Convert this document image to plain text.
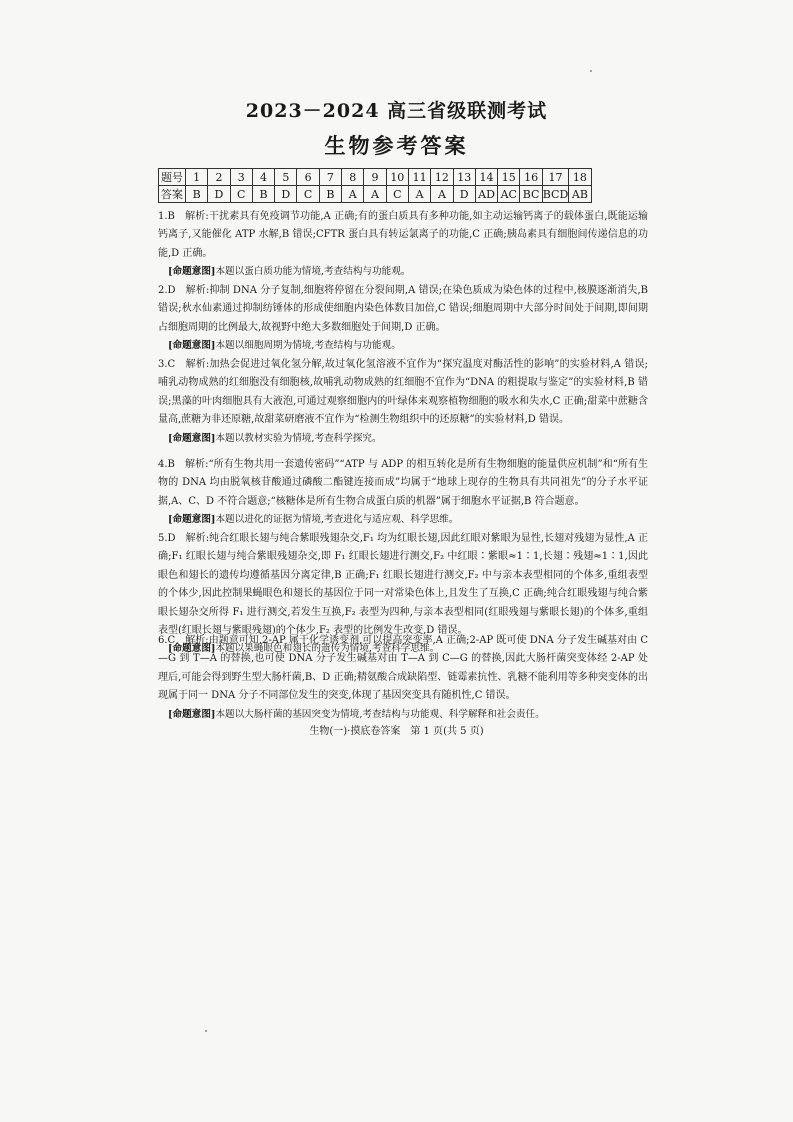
2023－2024 高三省级联测考试
生物参考答案
题号	1	2	3	4	5	6	7	8	9	10	11	12	13	14	15	16	17	18
答案	B	D	C	B	D	C	B	A	A	C	A	A	D	AD	AC	BC	BCD	AB

1.B　解析:干扰素具有免疫调节功能,A 正确;有的蛋白质具有多种功能,如主动运输钙离子的载体蛋白,既能运输钙离子,又能催化 ATP 水解,B 错误;CFTR 蛋白具有转运氯离子的功能,C 正确;胰岛素具有细胞间传递信息的功能,D 正确。

[命题意图]本题以蛋白质功能为情境,考查结构与功能观。

2.D　解析:抑制 DNA 分子复制,细胞将停留在分裂间期,A 错误;在染色质成为染色体的过程中,核膜逐渐消失,B 错误;秋水仙素通过抑制纺锤体的形成使细胞内染色体数目加倍,C 错误;细胞周期中大部分时间处于间期,即间期占细胞周期的比例最大,故视野中绝大多数细胞处于间期,D 正确。

[命题意图]本题以细胞周期为情境,考查结构与功能观。

3.C　解析:加热会促进过氧化氢分解,故过氧化氢溶液不宜作为“探究温度对酶活性的影响”的实验材料,A 错误;哺乳动物成熟的红细胞没有细胞核,故哺乳动物成熟的红细胞不宜作为“DNA 的粗提取与鉴定”的实验材料,B 错误;黑藻的叶肉细胞具有大液泡,可通过观察细胞内的叶绿体来观察植物细胞的吸水和失水,C 正确;甜菜中蔗糖含量高,蔗糖为非还原糖,故甜菜研磨液不宜作为“检测生物组织中的还原糖”的实验材料,D 错误。

[命题意图]本题以教材实验为情境,考查科学探究。

4.B　解析:“所有生物共用一套遗传密码”“ATP 与 ADP 的相互转化是所有生物细胞的能量供应机制”和“所有生物的 DNA 均由脱氧核苷酸通过磷酸二酯键连接而成”均属于“地球上现存的生物具有共同祖先”的分子水平证据,A、C、D 不符合题意;“核糖体是所有生物合成蛋白质的机器”属于细胞水平证据,B 符合题意。

[命题意图]本题以进化的证据为情境,考查进化与适应观、科学思维。

5.D　解析:纯合红眼长翅与纯合紫眼残翅杂交,F₁ 均为红眼长翅,因此红眼对紫眼为显性,长翅对残翅为显性,A 正确;F₁ 红眼长翅与纯合紫眼残翅杂交,即 F₁ 红眼长翅进行测交,F₂ 中红眼∶紫眼≈1∶1,长翅∶残翅≈1∶1,因此眼色和翅长的遗传均遵循基因分离定律,B 正确;F₁ 红眼长翅进行测交,F₂ 中与亲本表型相同的个体多,重组表型的个体少,因此控制果蝇眼色和翅长的基因位于同一对常染色体上,且发生了互换,C 正确;纯合红眼残翅与纯合紫眼长翅杂交所得 F₁ 进行测交,若发生互换,F₂ 表型为四种,与亲本表型相同(红眼残翅与紫眼长翅)的个体多,重组表型(红眼长翅与紫眼残翅)的个体少,F₂ 表型的比例发生改变,D 错误。

[命题意图]本题以果蝇眼色和翅长的遗传为情境,考查科学思维。

6.C　解析:由题意可知,2-AP 属于化学诱变剂,可以提高突变率,A 正确;2-AP 既可使 DNA 分子发生碱基对由 C—G 到 T—A 的替换,也可使 DNA 分子发生碱基对由 T—A 到 C—G 的替换,因此大肠杆菌突变体经 2-AP 处理后,可能会得到野生型大肠杆菌,B、D 正确;精氨酸合成缺陷型、链霉素抗性、乳糖不能利用等多种突变体的出现属于同一 DNA 分子不同部位发生的突变,体现了基因突变具有随机性,C 错误。

[命题意图]本题以大肠杆菌的基因突变为情境,考查结构与功能观、科学解释和社会责任。

生物(一)·摸底卷答案　第 1 页(共 5 页)
